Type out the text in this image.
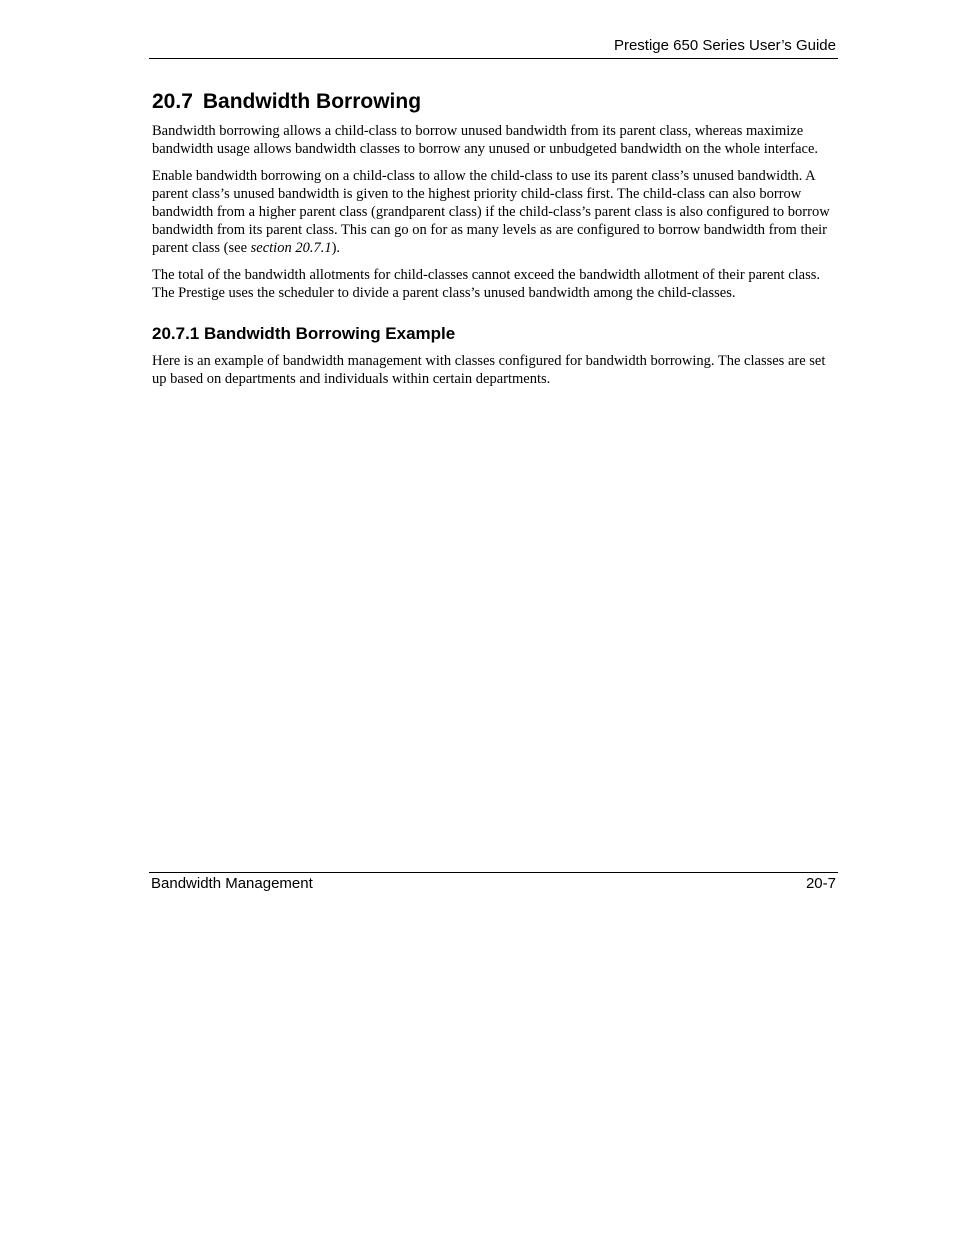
Prestige 650 Series User’s Guide
20.7 Bandwidth Borrowing

Bandwidth borrowing allows a child-class to borrow unused bandwidth from its parent class, whereas maximize bandwidth usage allows bandwidth classes to borrow any unused or unbudgeted bandwidth on the whole interface.

Enable bandwidth borrowing on a child-class to allow the child-class to use its parent class’s unused bandwidth. A parent class’s unused bandwidth is given to the highest priority child-class first. The child-class can also borrow bandwidth from a higher parent class (grandparent class) if the child-class’s parent class is also configured to borrow bandwidth from its parent class. This can go on for as many levels as are configured to borrow bandwidth from their parent class (see section 20.7.1).

The total of the bandwidth allotments for child-classes cannot exceed the bandwidth allotment of their parent class. The Prestige uses the scheduler to divide a parent class’s unused bandwidth among the child-classes.

20.7.1 Bandwidth Borrowing Example

Here is an example of bandwidth management with classes configured for bandwidth borrowing. The classes are set up based on departments and individuals within certain departments.

Bandwidth Management	20-7
